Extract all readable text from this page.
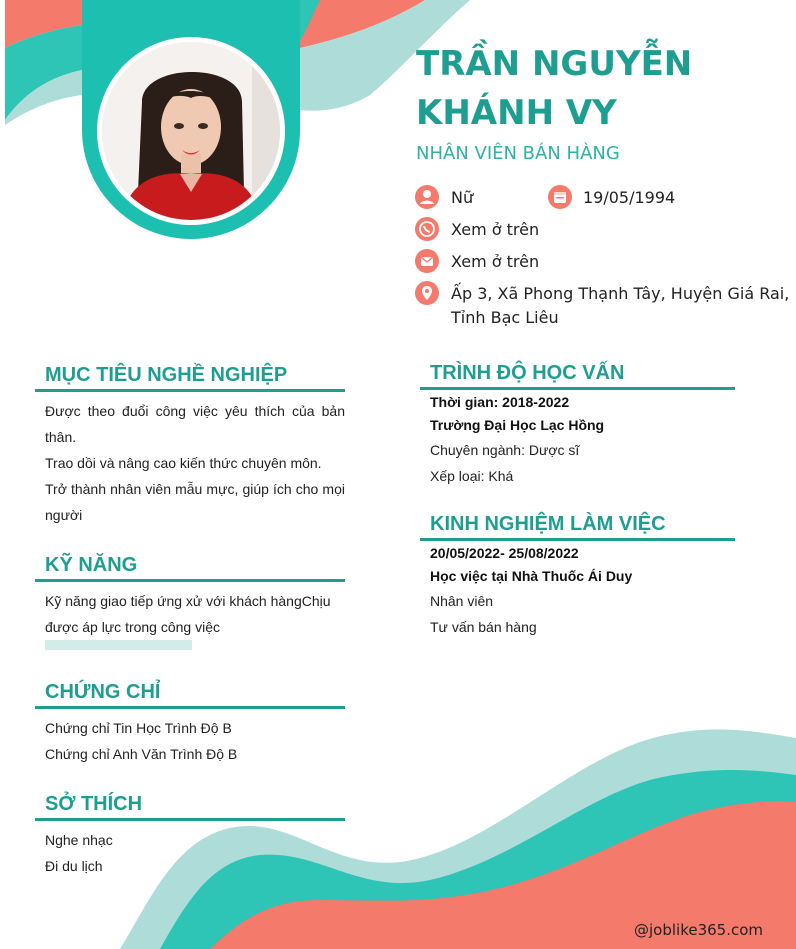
TRẦN NGUYỄN
KHÁNH VY
NHÂN VIÊN BÁN HÀNG
Nữ	19/05/1994
Xem ở trên
Xem ở trên
Ấp 3, Xã Phong Thạnh Tây, Huyện Giá Rai,
Tỉnh Bạc Liêu
MỤC TIÊU NGHỀ NGHIỆP
Được theo đuổi công việc yêu thích của bản thân.
Trao dồi và nâng cao kiến thức chuyên môn.
Trở thành nhân viên mẫu mực, giúp ích cho mọi người
KỸ NĂNG
Kỹ năng giao tiếp ứng xử với khách hàngChịu được áp lực trong công việc
CHỨNG CHỈ
Chứng chỉ Tin Học Trình Độ B
Chứng chỉ Anh Văn Trình Độ B
SỞ THÍCH
Nghe nhạc
Đi du lịch
TRÌNH ĐỘ HỌC VẤN
Thời gian: 2018-2022
Trường Đại Học Lạc Hồng
Chuyên ngành: Dược sĩ
Xếp loại: Khá
KINH NGHIỆM LÀM VIỆC
20/05/2022- 25/08/2022
Học việc tại Nhà Thuốc Ái Duy
Nhân viên
Tư vấn bán hàng
@joblike365.com
